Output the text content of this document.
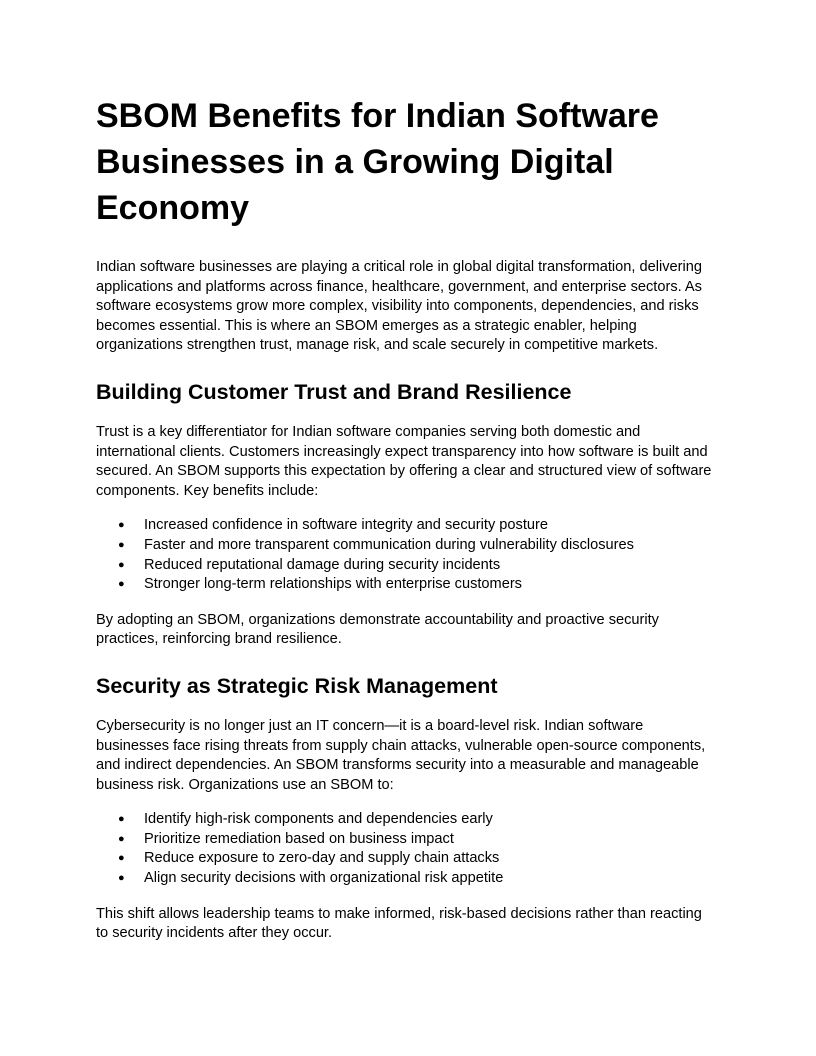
SBOM Benefits for Indian Software
Businesses in a Growing Digital
Economy

Indian software businesses are playing a critical role in global digital transformation, delivering
applications and platforms across finance, healthcare, government, and enterprise sectors. As
software ecosystems grow more complex, visibility into components, dependencies, and risks
becomes essential. This is where an SBOM emerges as a strategic enabler, helping
organizations strengthen trust, manage risk, and scale securely in competitive markets.

Building Customer Trust and Brand Resilience

Trust is a key differentiator for Indian software companies serving both domestic and
international clients. Customers increasingly expect transparency into how software is built and
secured. An SBOM supports this expectation by offering a clear and structured view of software
components. Key benefits include:

● Increased confidence in software integrity and security posture
● Faster and more transparent communication during vulnerability disclosures
● Reduced reputational damage during security incidents
● Stronger long-term relationships with enterprise customers

By adopting an SBOM, organizations demonstrate accountability and proactive security
practices, reinforcing brand resilience.

Security as Strategic Risk Management

Cybersecurity is no longer just an IT concern—it is a board-level risk. Indian software
businesses face rising threats from supply chain attacks, vulnerable open-source components,
and indirect dependencies. An SBOM transforms security into a measurable and manageable
business risk. Organizations use an SBOM to:

● Identify high-risk components and dependencies early
● Prioritize remediation based on business impact
● Reduce exposure to zero-day and supply chain attacks
● Align security decisions with organizational risk appetite

This shift allows leadership teams to make informed, risk-based decisions rather than reacting
to security incidents after they occur.
